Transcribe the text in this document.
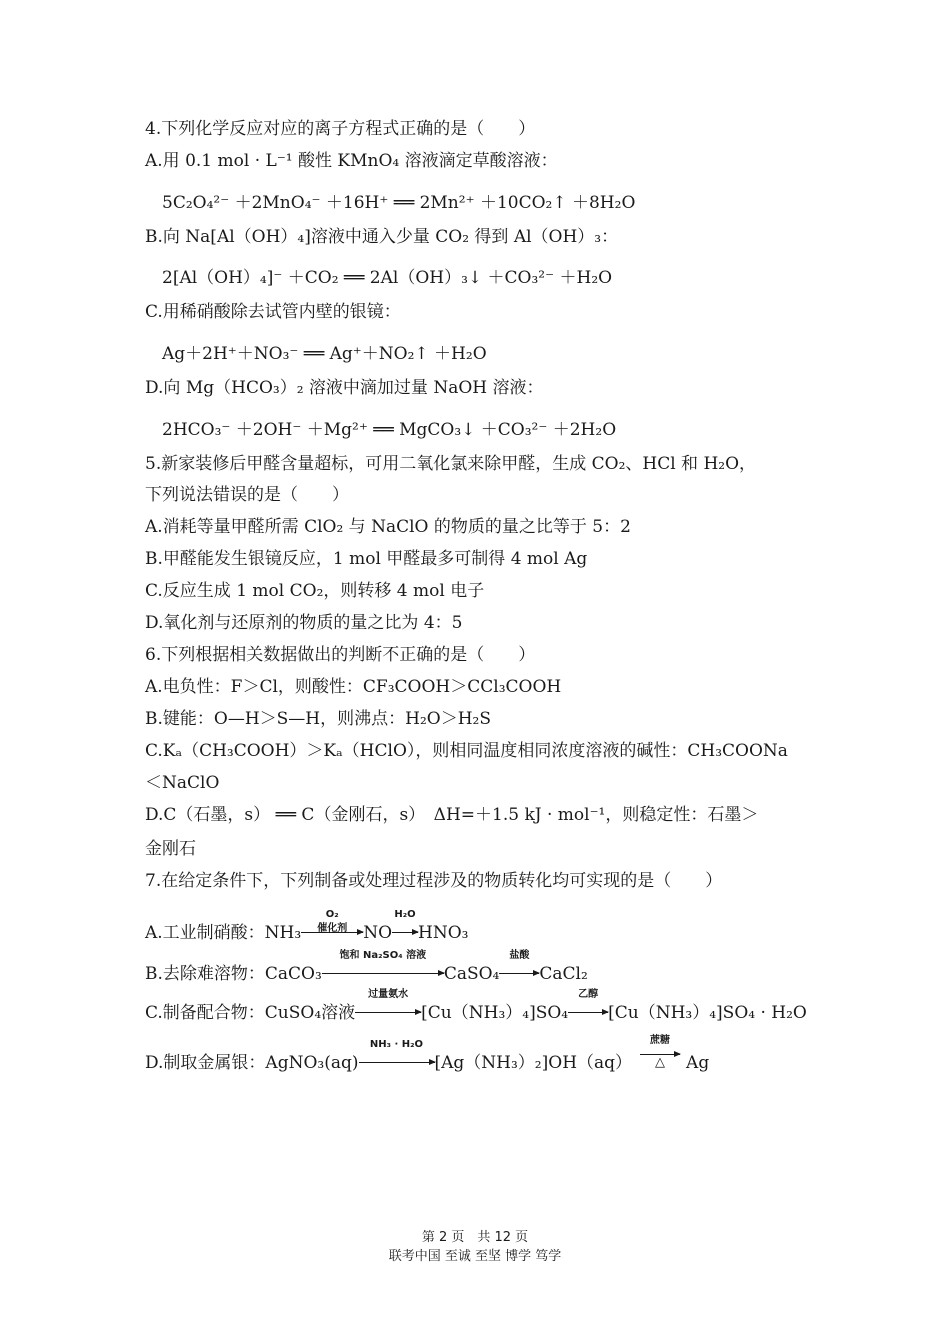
4.下列化学反应对应的离子方程式正确的是（　　）
A.用 0.1 mol · L⁻¹ 酸性 KMnO₄ 溶液滴定草酸溶液：
5C₂O₄²⁻ ＋2MnO₄⁻ ＋16H⁺ ══ 2Mn²⁺ ＋10CO₂↑ ＋8H₂O
B.向 Na[Al（OH）₄]溶液中通入少量 CO₂ 得到 Al（OH）₃：
2[Al（OH）₄]⁻ ＋CO₂ ══ 2Al（OH）₃↓ ＋CO₃²⁻ ＋H₂O
C.用稀硝酸除去试管内壁的银镜：
Ag＋2H⁺＋NO₃⁻ ══ Ag⁺＋NO₂↑ ＋H₂O
D.向 Mg（HCO₃）₂ 溶液中滴加过量 NaOH 溶液：
2HCO₃⁻ ＋2OH⁻ ＋Mg²⁺ ══ MgCO₃↓ ＋CO₃²⁻ ＋2H₂O
5.新家装修后甲醛含量超标，可用二氧化氯来除甲醛，生成 CO₂、HCl 和 H₂O，
下列说法错误的是（　　）
A.消耗等量甲醛所需 ClO₂ 与 NaClO 的物质的量之比等于 5：2
B.甲醛能发生银镜反应，1 mol 甲醛最多可制得 4 mol Ag
C.反应生成 1 mol CO₂，则转移 4 mol 电子
D.氧化剂与还原剂的物质的量之比为 4：5
6.下列根据相关数据做出的判断不正确的是（　　）
A.电负性：F＞Cl，则酸性：CF₃COOH＞CCl₃COOH
B.键能：O—H＞S—H，则沸点：H₂O＞H₂S
C.Kₐ（CH₃COOH）＞Kₐ（HClO），则相同温度相同浓度溶液的碱性：CH₃COONa
＜NaClO
D.C（石墨，s） ══ C（金刚石，s）　ΔH=＋1.5 kJ · mol⁻¹，则稳定性：石墨＞
金刚石
7.在给定条件下，下列制备或处理过程涉及的物质转化均可实现的是（　　）
A.工业制硝酸：NH₃
O₂
催化剂 NO
H₂O
HNO₃
B.去除难溶物：CaCO₃
饱和 Na₂SO₄ 溶液
CaSO₄
盐酸
CaCl₂
C.制备配合物：CuSO₄溶液
过量氨水
[Cu（NH₃）₄]SO₄
乙醇
[Cu（NH₃）₄]SO₄ · H₂O
D.制取金属银：AgNO₃(aq)
NH₃ · H₂O
[Ag（NH₃）₂]OH（aq）
蔗糖
△	Ag
第 2 页　共 12 页
联考中国 至诚 至坚 博学 笃学
